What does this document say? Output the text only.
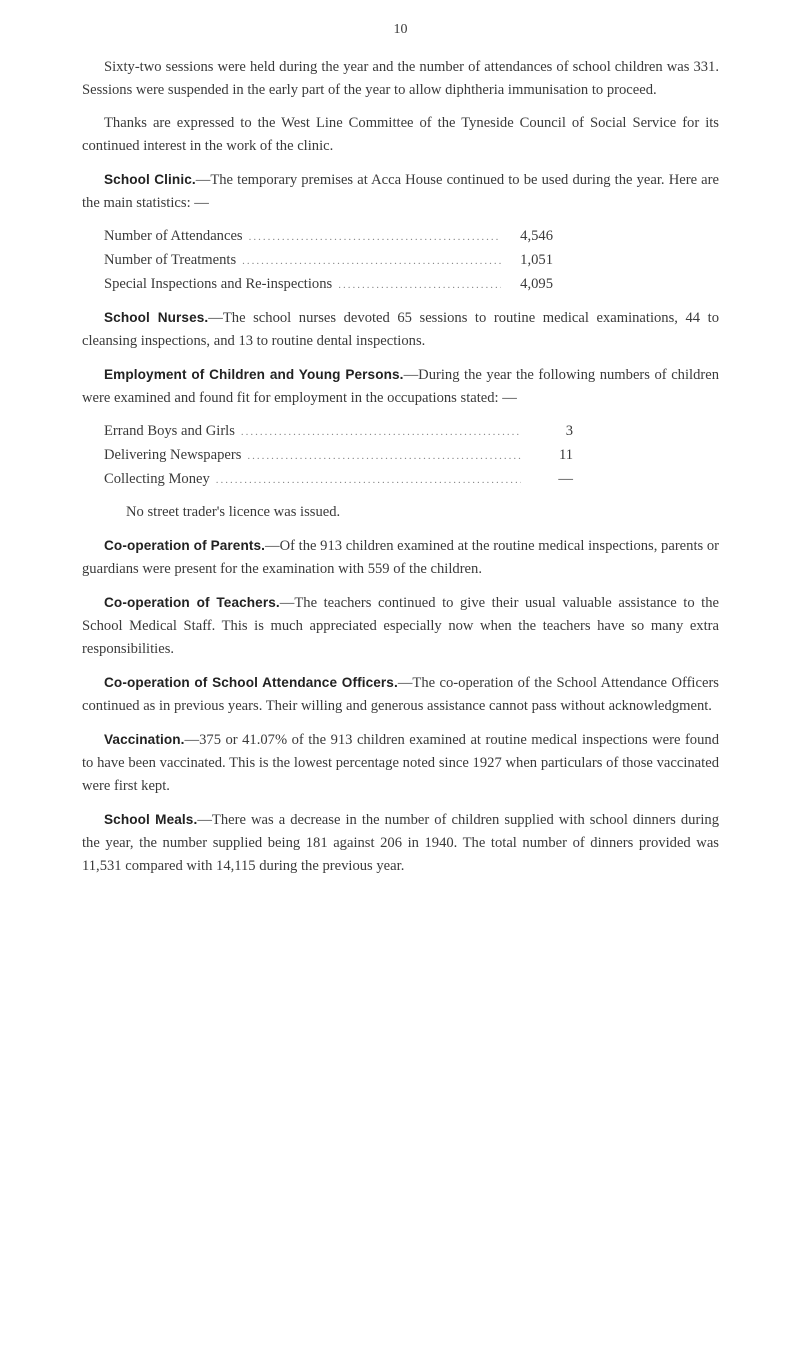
10

Sixty-two sessions were held during the year and the number of attendances of school children was 331. Sessions were suspended in the early part of the year to allow diphtheria immunisation to proceed.

Thanks are expressed to the West Line Committee of the Tyneside Council of Social Service for its continued interest in the work of the clinic.

School Clinic.—The temporary premises at Acca House continued to be used during the year. Here are the main statistics: —

Number of Attendances .....	4,546
Number of Treatments .....	1,051
Special Inspections and Re-inspections .....	4,095

School Nurses.—The school nurses devoted 65 sessions to routine medical examinations, 44 to cleansing inspections, and 13 to routine dental inspections.

Employment of Children and Young Persons.—During the year the following numbers of children were examined and found fit for employment in the occupations stated: —

Errand Boys and Girls .....	3
Delivering Newspapers .....	11
Collecting Money .....	—

No street trader's licence was issued.

Co-operation of Parents.—Of the 913 children examined at the routine medical inspections, parents or guardians were present for the examination with 559 of the children.

Co-operation of Teachers.—The teachers continued to give their usual valuable assistance to the School Medical Staff. This is much appreciated especially now when the teachers have so many extra responsibilities.

Co-operation of School Attendance Officers.—The co-operation of the School Attendance Officers continued as in previous years. Their willing and generous assistance cannot pass without acknowledgment.

Vaccination.—375 or 41.07% of the 913 children examined at routine medical inspections were found to have been vaccinated. This is the lowest percentage noted since 1927 when particulars of those vaccinated were first kept.

School Meals.—There was a decrease in the number of children supplied with school dinners during the year, the number supplied being 181 against 206 in 1940. The total number of dinners provided was 11,531 compared with 14,115 during the previous year.
